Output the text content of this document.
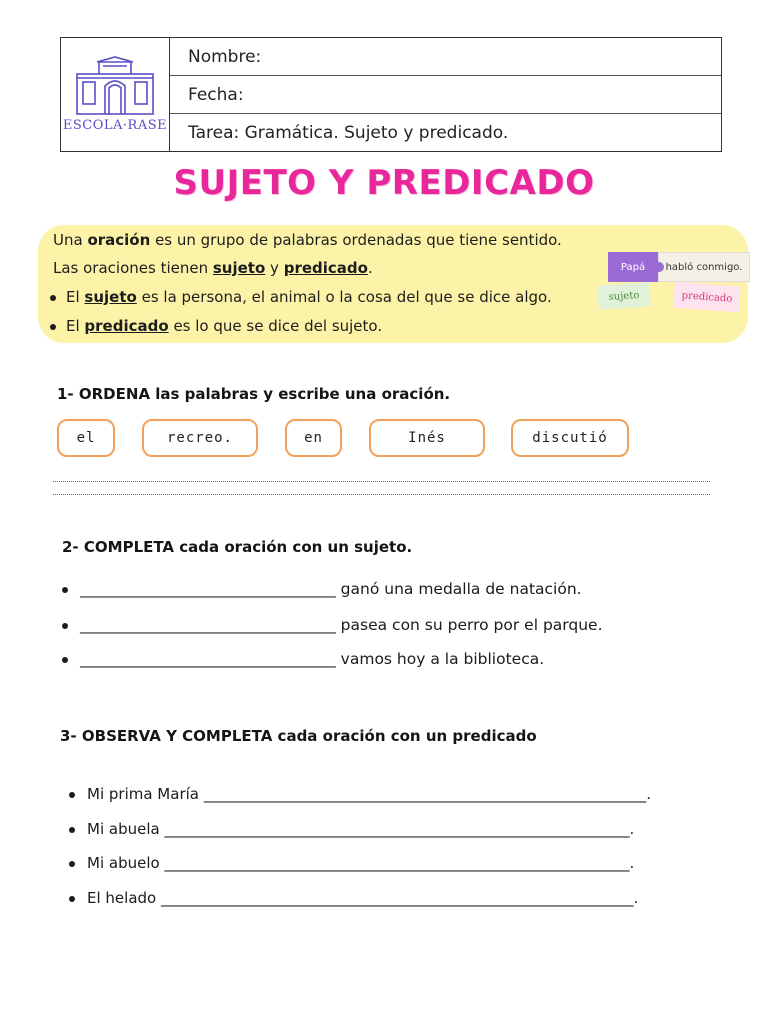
ESCOLA·RASE
Nombre:
Fecha:
Tarea: Gramática. Sujeto y predicado.
SUJETO Y PREDICADO
Una oración es un grupo de palabras ordenadas que tiene sentido.
Las oraciones tienen sujeto y predicado.
El sujeto es la persona, el animal o la cosa del que se dice algo.
El predicado es lo que se dice del sujeto.
Papá	habló conmigo.
sujeto	predicado
1- ORDENA las palabras y escribe una oración.
el	recreo.	en	Inés	discutió
2- COMPLETA cada oración con un sujeto.
_________________________________ ganó una medalla de natación.
_________________________________ pasea con su perro por el parque.
_________________________________ vamos hoy a la biblioteca.
3- OBSERVA Y COMPLETA cada oración con un predicado
Mi prima María ___________________________________________________________.
Mi abuela ______________________________________________________________.
Mi abuelo ______________________________________________________________.
El helado _______________________________________________________________.
